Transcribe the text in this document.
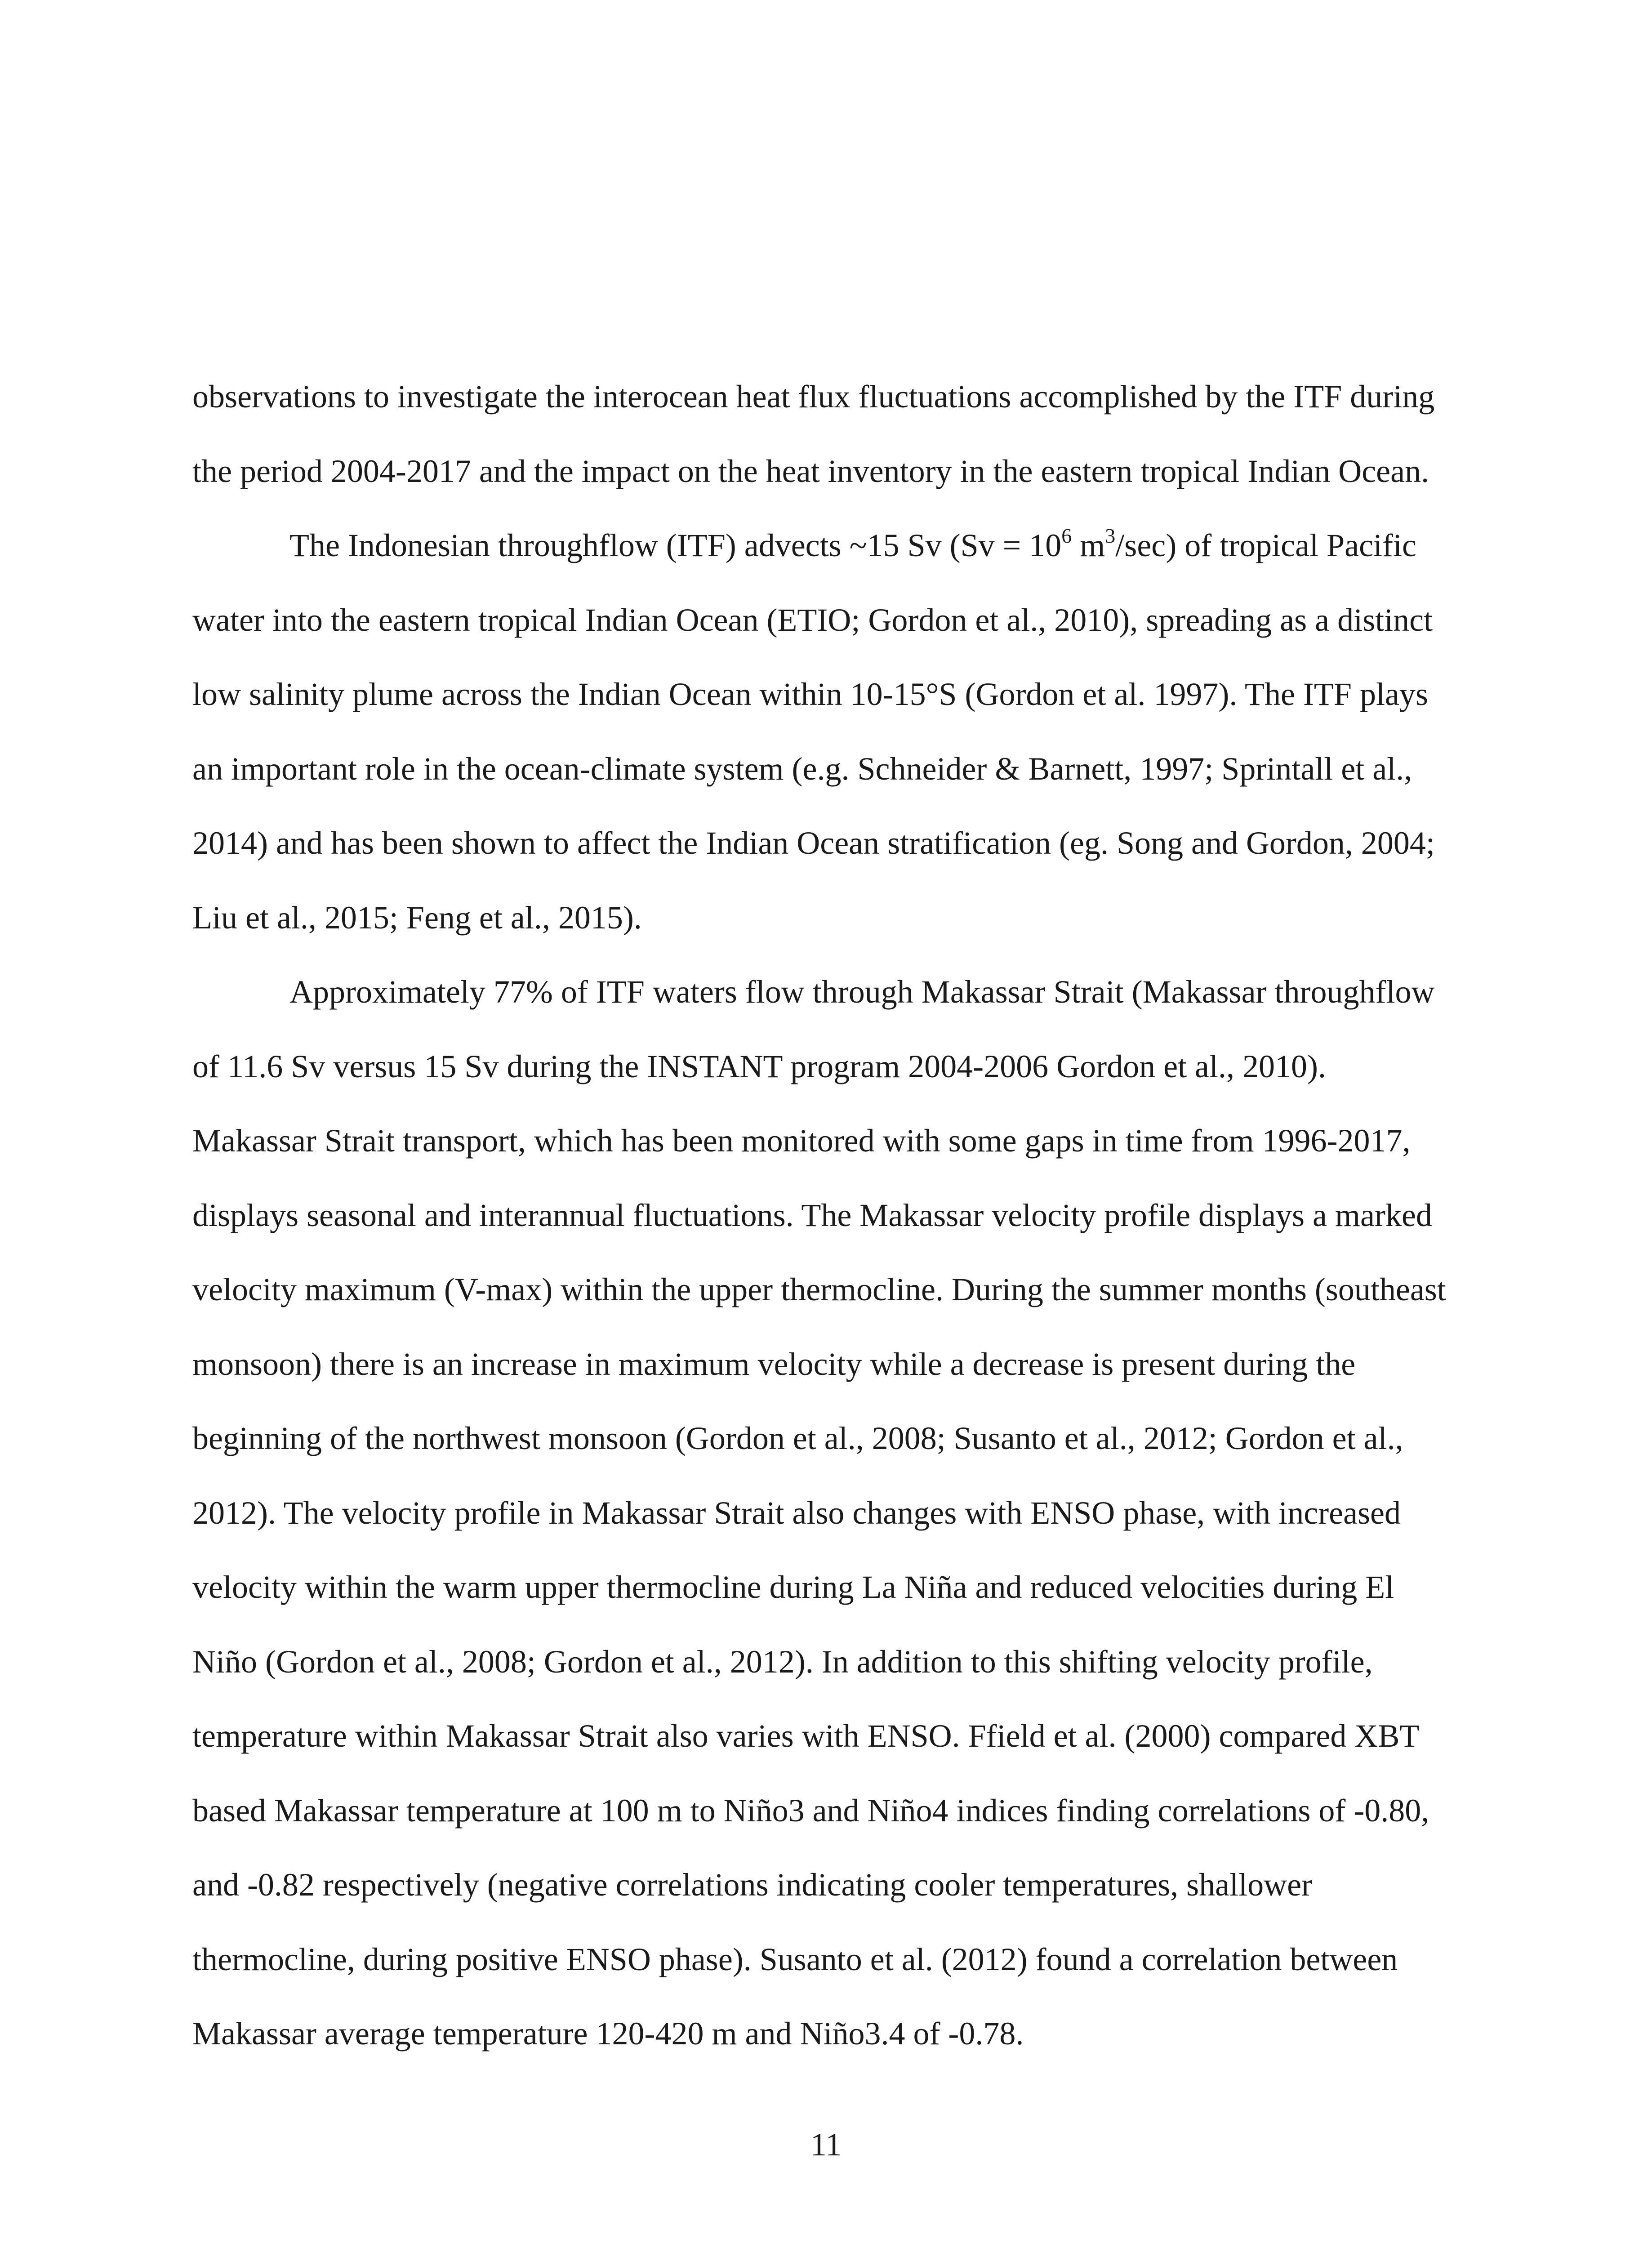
observations to investigate the interocean heat flux fluctuations accomplished by the ITF during the period 2004-2017 and the impact on the heat inventory in the eastern tropical Indian Ocean.

The Indonesian throughflow (ITF) advects ~15 Sv ($Sv = 10^6$ $m^3/\sec$) of tropical Pacific water into the eastern tropical Indian Ocean (ETIO; Gordon et al., 2010), spreading as a distinct low salinity plume across the Indian Ocean within 10-15°S (Gordon et al. 1997). The ITF plays an important role in the ocean-climate system (e.g. Schneider & Barnett, 1997; Sprintall et al., 2014) and has been shown to affect the Indian Ocean stratification (eg. Song and Gordon, 2004; Liu et al., 2015; Feng et al., 2015).

Approximately 77% of ITF waters flow through Makassar Strait (Makassar throughflow of 11.6 Sv versus 15 Sv during the INSTANT program 2004-2006 Gordon et al., 2010). Makassar Strait transport, which has been monitored with some gaps in time from 1996-2017, displays seasonal and interannual fluctuations. The Makassar velocity profile displays a marked velocity maximum (V-max) within the upper thermocline. During the summer months (southeast monsoon) there is an increase in maximum velocity while a decrease is present during the beginning of the northwest monsoon (Gordon et al., 2008; Susanto et al., 2012; Gordon et al., 2012). The velocity profile in Makassar Strait also changes with ENSO phase, with increased velocity within the warm upper thermocline during La Niña and reduced velocities during El Niño (Gordon et al., 2008; Gordon et al., 2012). In addition to this shifting velocity profile, temperature within Makassar Strait also varies with ENSO. Ffield et al. (2000) compared XBT based Makassar temperature at 100 m to Niño3 and Niño4 indices finding correlations of -0.80, and -0.82 respectively (negative correlations indicating cooler temperatures, shallower thermocline, during positive ENSO phase). Susanto et al. (2012) found a correlation between Makassar average temperature 120-420 m and Niño3.4 of -0.78.

11
